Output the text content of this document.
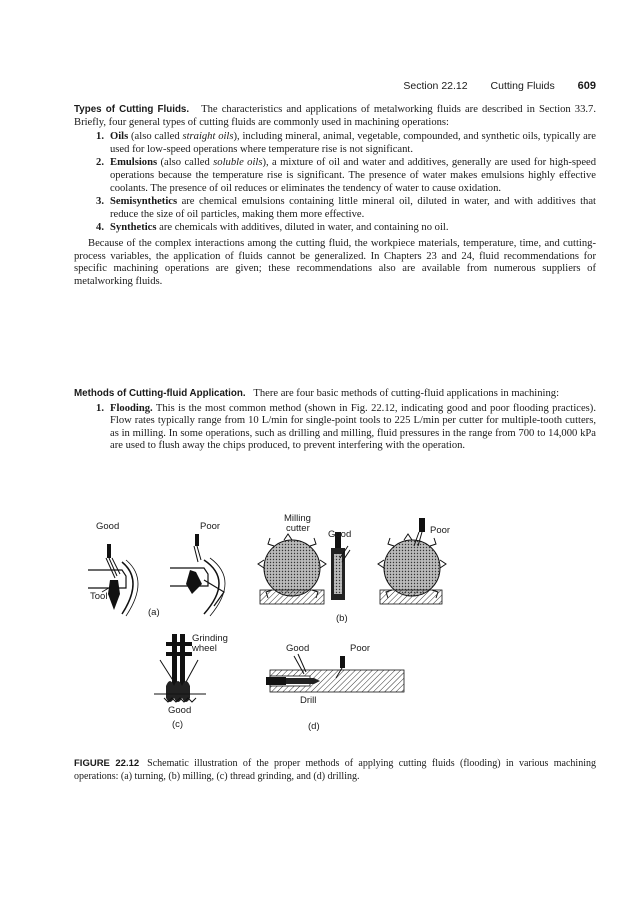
Section 22.12 Cutting Fluids 609

Types of Cutting Fluids. The characteristics and applications of metalworking fluids are described in Section 33.7. Briefly, four general types of cutting fluids are commonly used in machining operations:

1. Oils (also called straight oils), including mineral, animal, vegetable, compounded, and synthetic oils, typically are used for low-speed operations where temperature rise is not significant.
2. Emulsions (also called soluble oils), a mixture of oil and water and additives, generally are used for high-speed operations because the temperature rise is significant. The presence of water makes emulsions highly effective coolants. The presence of oil reduces or eliminates the tendency of water to cause oxidation.
3. Semisynthetics are chemical emulsions containing little mineral oil, diluted in water, and with additives that reduce the size of oil particles, making them more effective.
4. Synthetics are chemicals with additives, diluted in water, and containing no oil.

Because of the complex interactions among the cutting fluid, the workpiece materials, temperature, time, and cutting-process variables, the application of fluids cannot be generalized. In Chapters 23 and 24, fluid recommendations for specific machining operations are given; these recommendations also are available from numerous suppliers of metalworking fluids.

Methods of Cutting-fluid Application. There are four basic methods of cutting-fluid applications in machining:

1. Flooding. This is the most common method (shown in Fig. 22.12, indicating good and poor flooding practices). Flow rates typically range from 10 L/min for single-point tools to 225 L/min per cutter for multiple-tooth cutters, as in milling. In some operations, such as drilling and milling, fluid pressures in the range from 700 to 14,000 kPa are used to flush away the chips produced, to prevent interfering with the operation.
Good	Poor
Tool
(a)
Milling
cutter
Good	Poor
(b)
Grinding
wheel
Good
(c)
Good	Poor
Drill
(d)
FIGURE 22.12 Schematic illustration of the proper methods of applying cutting fluids (flooding) in various machining operations: (a) turning, (b) milling, (c) thread grinding, and (d) drilling.
